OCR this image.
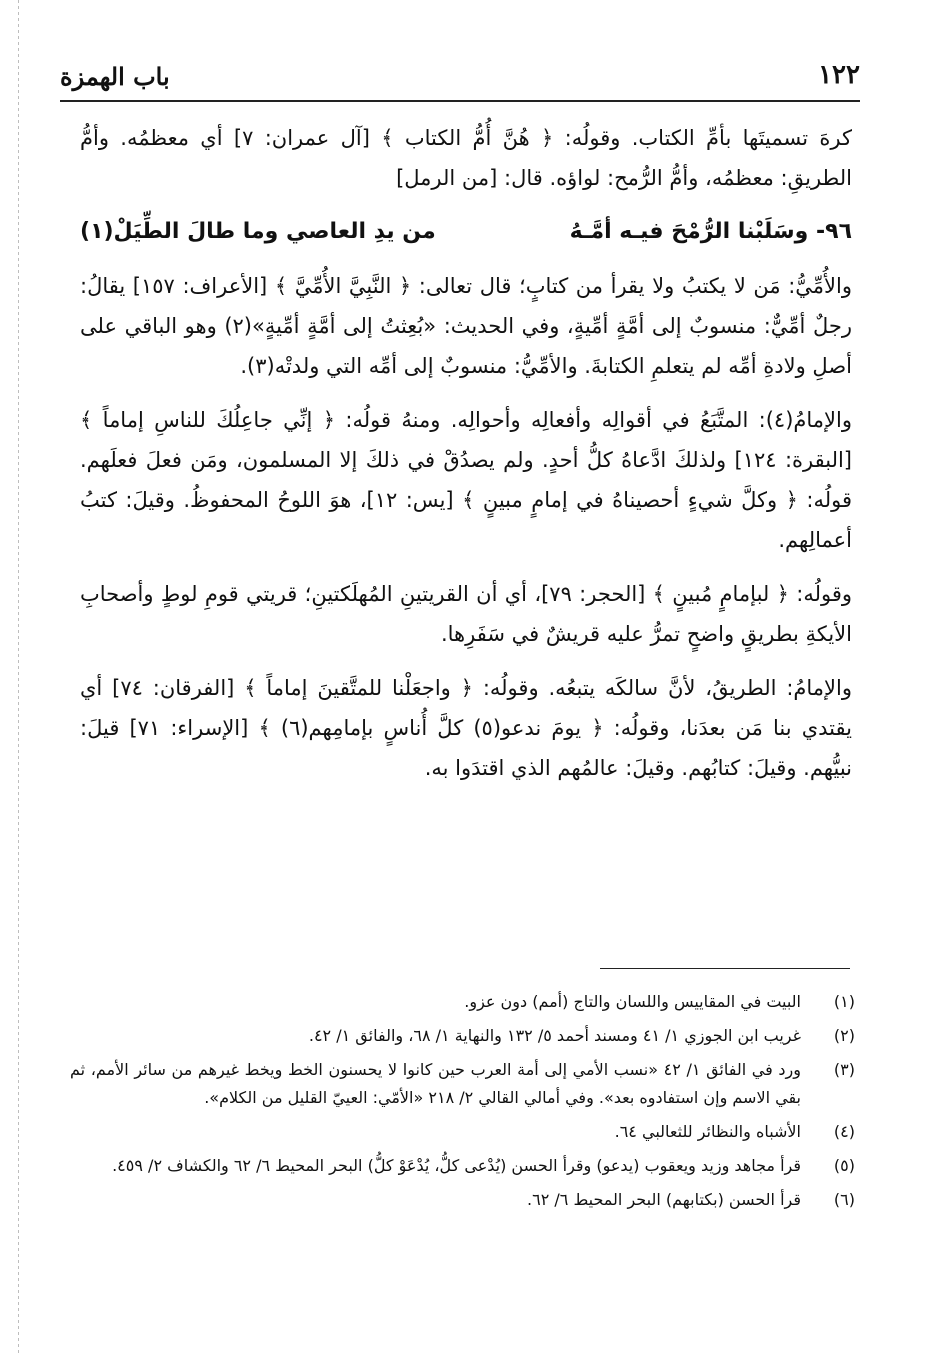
١٢٢
باب الهمزة

كرهَ تسميتَها بأمِّ الكتاب. وقولُه: ﴿ هُنَّ أُمُّ الكتاب ﴾ [آل عمران: ٧] أي معظمُه. وأمُّ الطريقِ: معظمُه، وأمُّ الرُّمح: لواؤه. قال: [من الرمل]

٩٦- وسَلَبْنا الرُّمْحَ فيـه أمَّـهُ
من يدِ العاصي وما طالَ الطِّيَلْ(١)

والأُمِّيُّ: مَن لا يكتبُ ولا يقرأ من كتابٍ؛ قال تعالى: ﴿ النَّبِيَّ الأُمِّيَّ ﴾ [الأعراف: ١٥٧] يقالُ: رجلٌ أمِّيٌّ: منسوبٌ إلى أمَّةٍ أمِّيةٍ، وفي الحديث: «بُعِثتُ إلى أمَّةٍ أمِّيةٍ»(٢) وهو الباقي على أصلِ ولادةِ أمِّه لم يتعلمِ الكتابةَ. والأمِّيُّ: منسوبٌ إلى أمِّه التي ولدتْه(٣).

والإمامُ(٤): المتَّبَعُ في أقوالِه وأفعالِه وأحوالِه. ومنهُ قولُه: ﴿ إنِّي جاعِلُكَ للناسِ إماماً ﴾ [البقرة: ١٢٤] ولذلكَ ادَّعاهُ كلُّ أحدٍ. ولم يصدُقْ في ذلكَ إلا المسلمون، ومَن فعلَ فعلَهم. قولُه: ﴿ وكلَّ شيءٍ أحصيناهُ في إمامٍ مبينٍ ﴾ [يس: ١٢]، هوَ اللوحُ المحفوظُ. وقيلَ: كتبُ أعمالِهم.

وقولُه: ﴿ لبإمامٍ مُبينٍ ﴾ [الحجر: ٧٩]، أي أن القريتينِ المُهلَكتينِ؛ قريتي قومِ لوطٍ وأصحابِ الأيكةِ بطريقٍ واضحٍ تمرُّ عليه قريشٌ في سَفَرِها.

والإمامُ: الطريقُ، لأنَّ سالكَه يتبعُه. وقولُه: ﴿ واجعَلْنا للمتَّقينَ إماماً ﴾ [الفرقان: ٧٤] أي يقتدي بنا مَن بعدَنا، وقولُه: ﴿ يومَ ندعو(٥) كلَّ أُناسٍ بإمامِهم(٦) ﴾ [الإسراء: ٧١] قيلَ: نبيُّهم. وقيلَ: كتابُهم. وقيلَ: عالمُهم الذي اقتدَوا به.

(١)
البيت في المقاييس واللسان والتاج (أمم) دون عزو.
(٢)
غريب ابن الجوزي ١/ ٤١ ومسند أحمد ٥/ ١٣٢ والنهاية ١/ ٦٨، والفائق ١/ ٤٢.
(٣)
ورد في الفائق ١/ ٤٢ «نسب الأمي إلى أمة العرب حين كانوا لا يحسنون الخط ويخط غيرهم من سائر الأمم، ثم بقي الاسم وإن استفادوه بعد». وفي أمالي القالي ٢/ ٢١٨ «الأمّي: العييّ القليل من الكلام».
(٤)
الأشباه والنظائر للثعالبي ٦٤.
(٥)
قرأ مجاهد وزيد ويعقوب (يدعو) وقرأ الحسن (يُدْعى كلُّ، يُدْعَوْ كلُّ) البحر المحيط ٦/ ٦٢ والكشاف ٢/ ٤٥٩.
(٦)
قرأ الحسن (بكتابهم) البحر المحيط ٦/ ٦٢.
